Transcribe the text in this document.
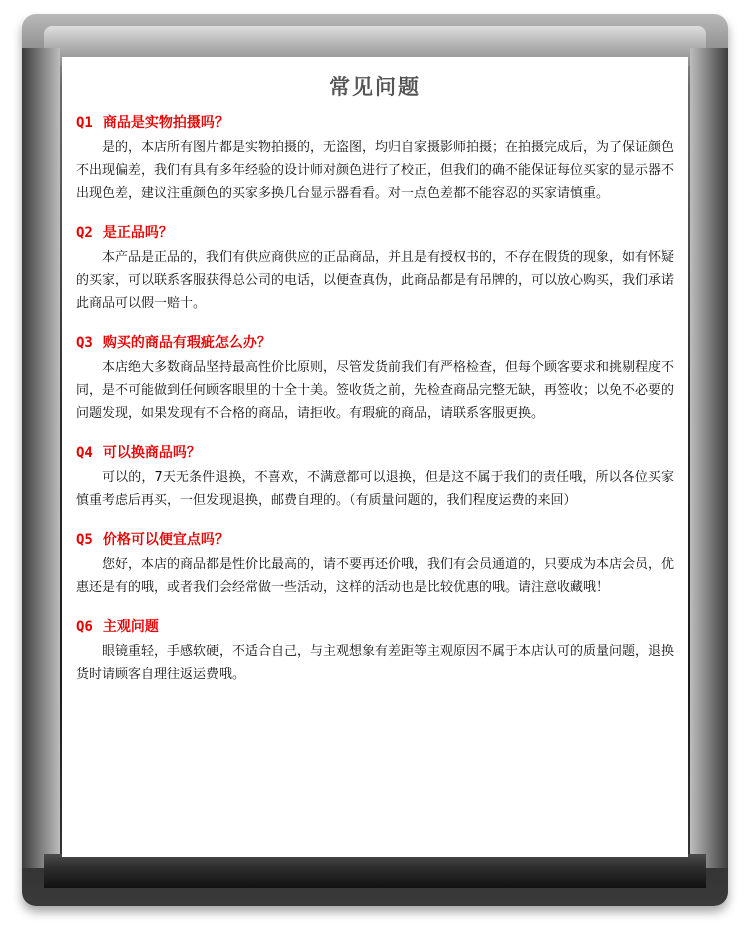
常见问题
Q1 商品是实物拍摄吗？
是的，本店所有图片都是实物拍摄的，无盗图，均归自家摄影师拍摄；在拍摄完成后，为了保证颜色不出现偏差，我们有具有多年经验的设计师对颜色进行了校正，但我们的确不能保证每位买家的显示器不出现色差，建议注重颜色的买家多换几台显示器看看。对一点色差都不能容忍的买家请慎重。
Q2 是正品吗？
本产品是正品的，我们有供应商供应的正品商品，并且是有授权书的，不存在假货的现象，如有怀疑的买家，可以联系客服获得总公司的电话，以便查真伪，此商品都是有吊牌的，可以放心购买，我们承诺此商品可以假一赔十。
Q3 购买的商品有瑕疵怎么办？
本店绝大多数商品坚持最高性价比原则，尽管发货前我们有严格检查，但每个顾客要求和挑剔程度不同，是不可能做到任何顾客眼里的十全十美。签收货之前，先检查商品完整无缺，再签收；以免不必要的问题发现，如果发现有不合格的商品，请拒收。有瑕疵的商品，请联系客服更换。
Q4 可以换商品吗？
可以的，7天无条件退换，不喜欢，不满意都可以退换，但是这不属于我们的责任哦，所以各位买家慎重考虑后再买，一但发现退换，邮费自理的。（有质量问题的，我们程度运费的来回）
Q5 价格可以便宜点吗？
您好，本店的商品都是性价比最高的，请不要再还价哦，我们有会员通道的，只要成为本店会员，优惠还是有的哦，或者我们会经常做一些活动，这样的活动也是比较优惠的哦。请注意收藏哦！
Q6 主观问题
眼镜重轻，手感软硬，不适合自己，与主观想象有差距等主观原因不属于本店认可的质量问题，退换货时请顾客自理往返运费哦。
